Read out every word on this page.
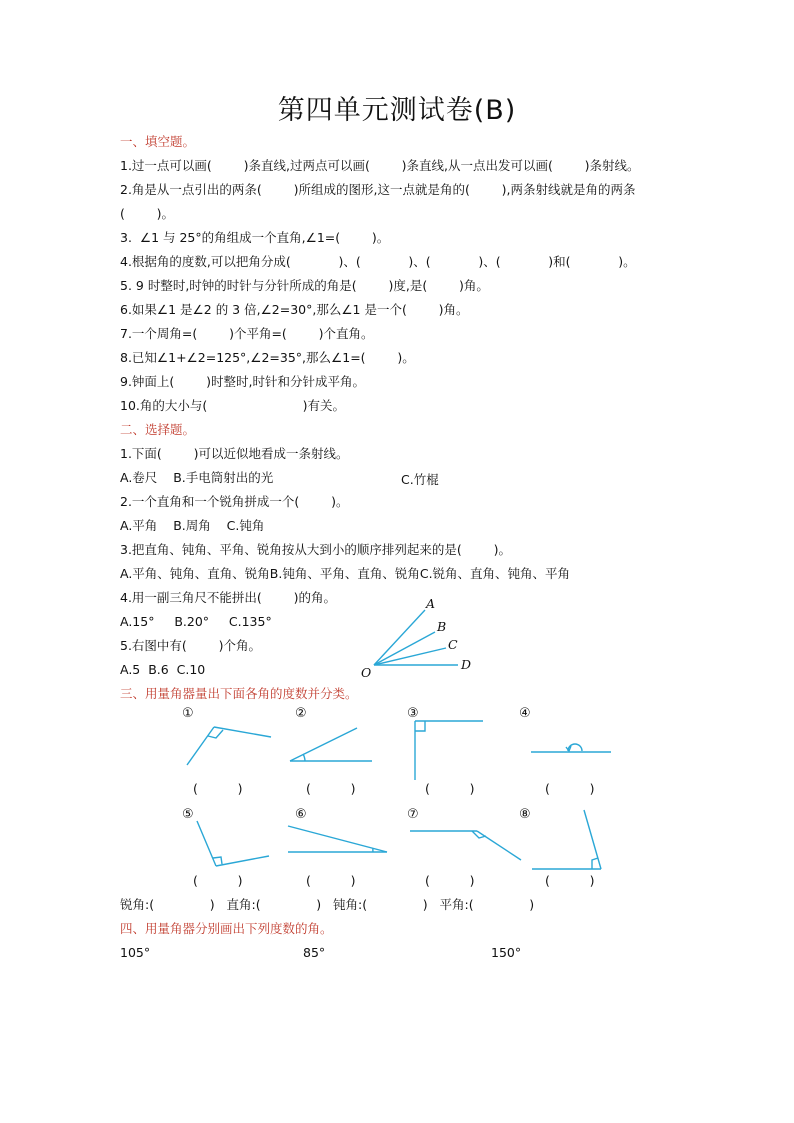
第四单元测试卷(B)
一、填空题。
1.过一点可以画(        )条直线,过两点可以画(        )条直线,从一点出发可以画(        )条射线。
2.角是从一点引出的两条(        )所组成的图形,这一点就是角的(        ),两条射线就是角的两条
(        )。
3.  ∠1 与 25°的角组成一个直角,∠1=(        )。
4.根据角的度数,可以把角分成(            )、(            )、(            )、(            )和(            )。
5. 9 时整时,时钟的时针与分针所成的角是(        )度,是(        )角。
6.如果∠1 是∠2 的 3 倍,∠2=30°,那么∠1 是一个(        )角。
7.一个周角=(        )个平角=(        )个直角。
8.已知∠1+∠2=125°,∠2=35°,那么∠1=(        )。
9.钟面上(        )时整时,时针和分针成平角。
10.角的大小与(                        )有关。
二、选择题。
1.下面(        )可以近似地看成一条射线。
A.卷尺    B.手电筒射出的光	C.竹棍
2.一个直角和一个锐角拼成一个(        )。
A.平角    B.周角    C.钝角
3.把直角、钝角、平角、锐角按从大到小的顺序排列起来的是(        )。
A.平角、钝角、直角、锐角B.钝角、平角、直角、锐角C.锐角、直角、钝角、平角
4.用一副三角尺不能拼出(        )的角。
A.15°     B.20°     C.135°
5.右图中有(        )个角。
A.5  B.6  C.10
A
B
C
D
O
三、用量角器量出下面各角的度数并分类。
①	②	③	④
⑤	⑥	⑦	⑧
(          )	(          )	(          )	(          )
(          )	(          )	(          )	(          )
锐角:(              )   直角:(              )   钝角:(              )   平角:(              )
四、用量角器分别画出下列度数的角。
105°	85°	150°
